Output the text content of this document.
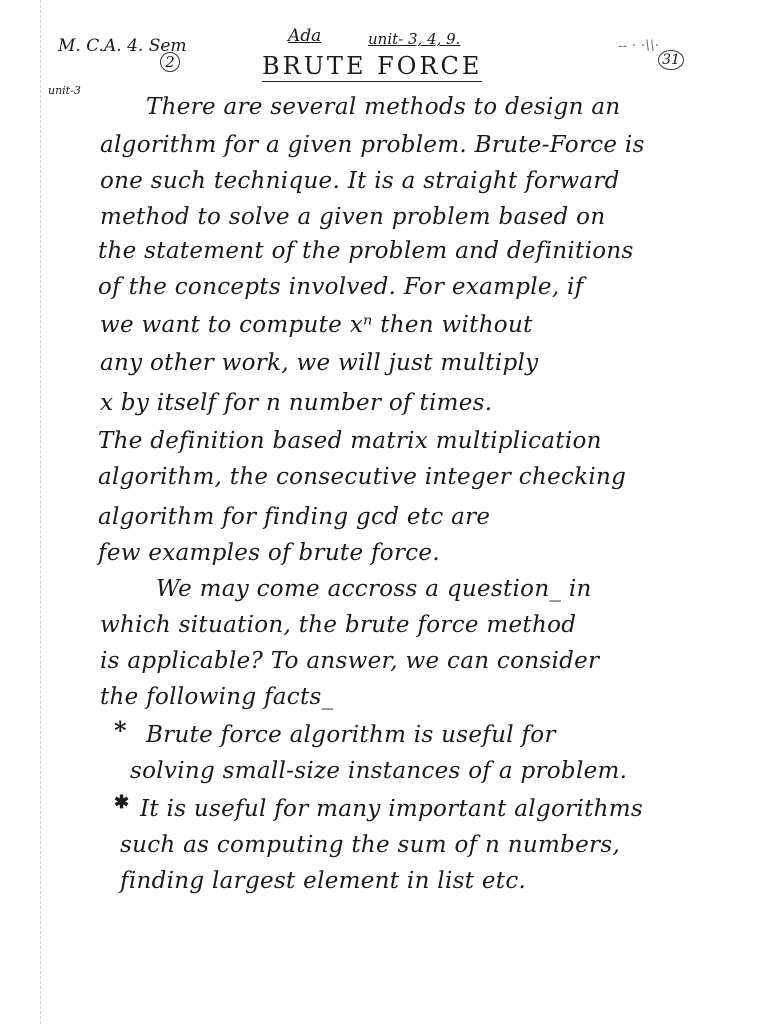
M. C.A. 4. Sem
2
Ada	unit- 3, 4, 9.
BRUTE FORCE
-- · ·\\·
31
unit-3
There are several methods to design an
algorithm for a given problem. Brute-Force is
one such technique. It is a straight forward
method to solve a given problem based on
the statement of the problem and definitions
of the concepts involved. For example, if
we want to compute xⁿ then without
any other work, we will just multiply
x by itself for n number of times.
The definition based matrix multiplication
algorithm, the consecutive integer checking
algorithm for finding gcd etc are
few examples of brute force.
We may come accross a question_ in
which situation, the brute force method
is applicable? To answer, we can consider
the following facts_
* Brute force algorithm is useful for
solving small-size instances of a problem.
✱ It is useful for many important algorithms
such as computing the sum of n numbers,
finding largest element in list etc.
